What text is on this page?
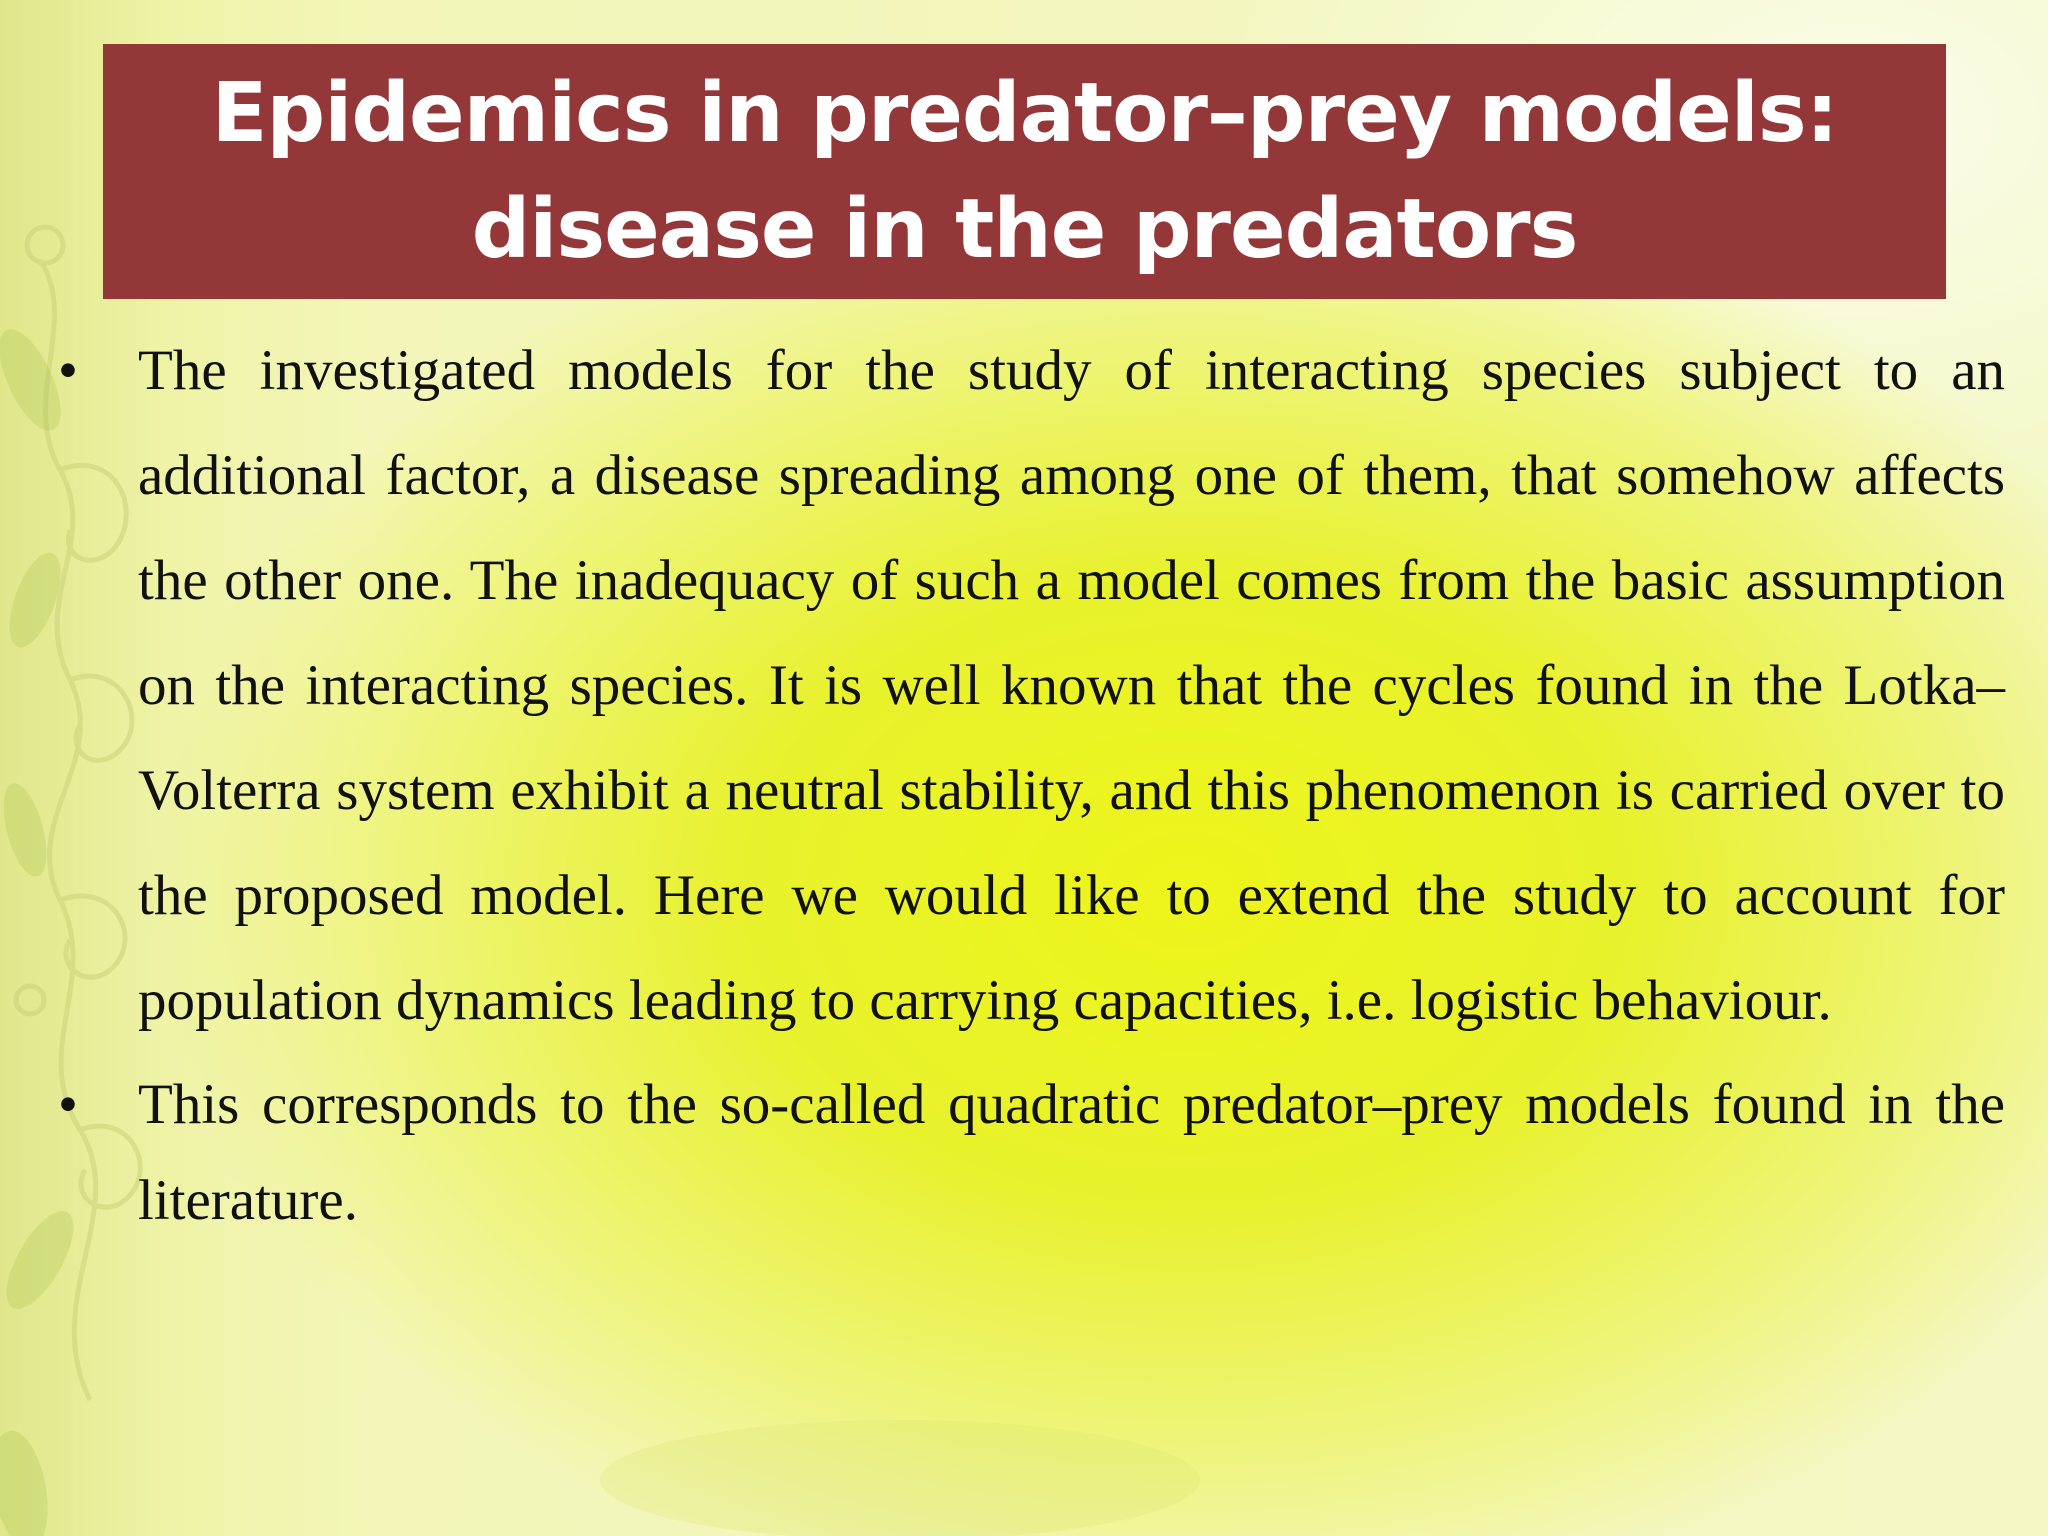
Epidemics in predator–prey models:
disease in the predators
• The investigated models for the study of interacting species subject to an additional factor, a disease spreading among one of them, that somehow affects the other one. The inadequacy of such a model comes from the basic assumption on the interacting species. It is well known that the cycles found in the Lotka–Volterra system exhibit a neutral stability, and this phenomenon is carried over to the proposed model. Here we would like to extend the study to account for population dynamics leading to carrying capacities, i.e. logistic behaviour.
• This corresponds to the so-called quadratic predator–prey models found in the literature.
